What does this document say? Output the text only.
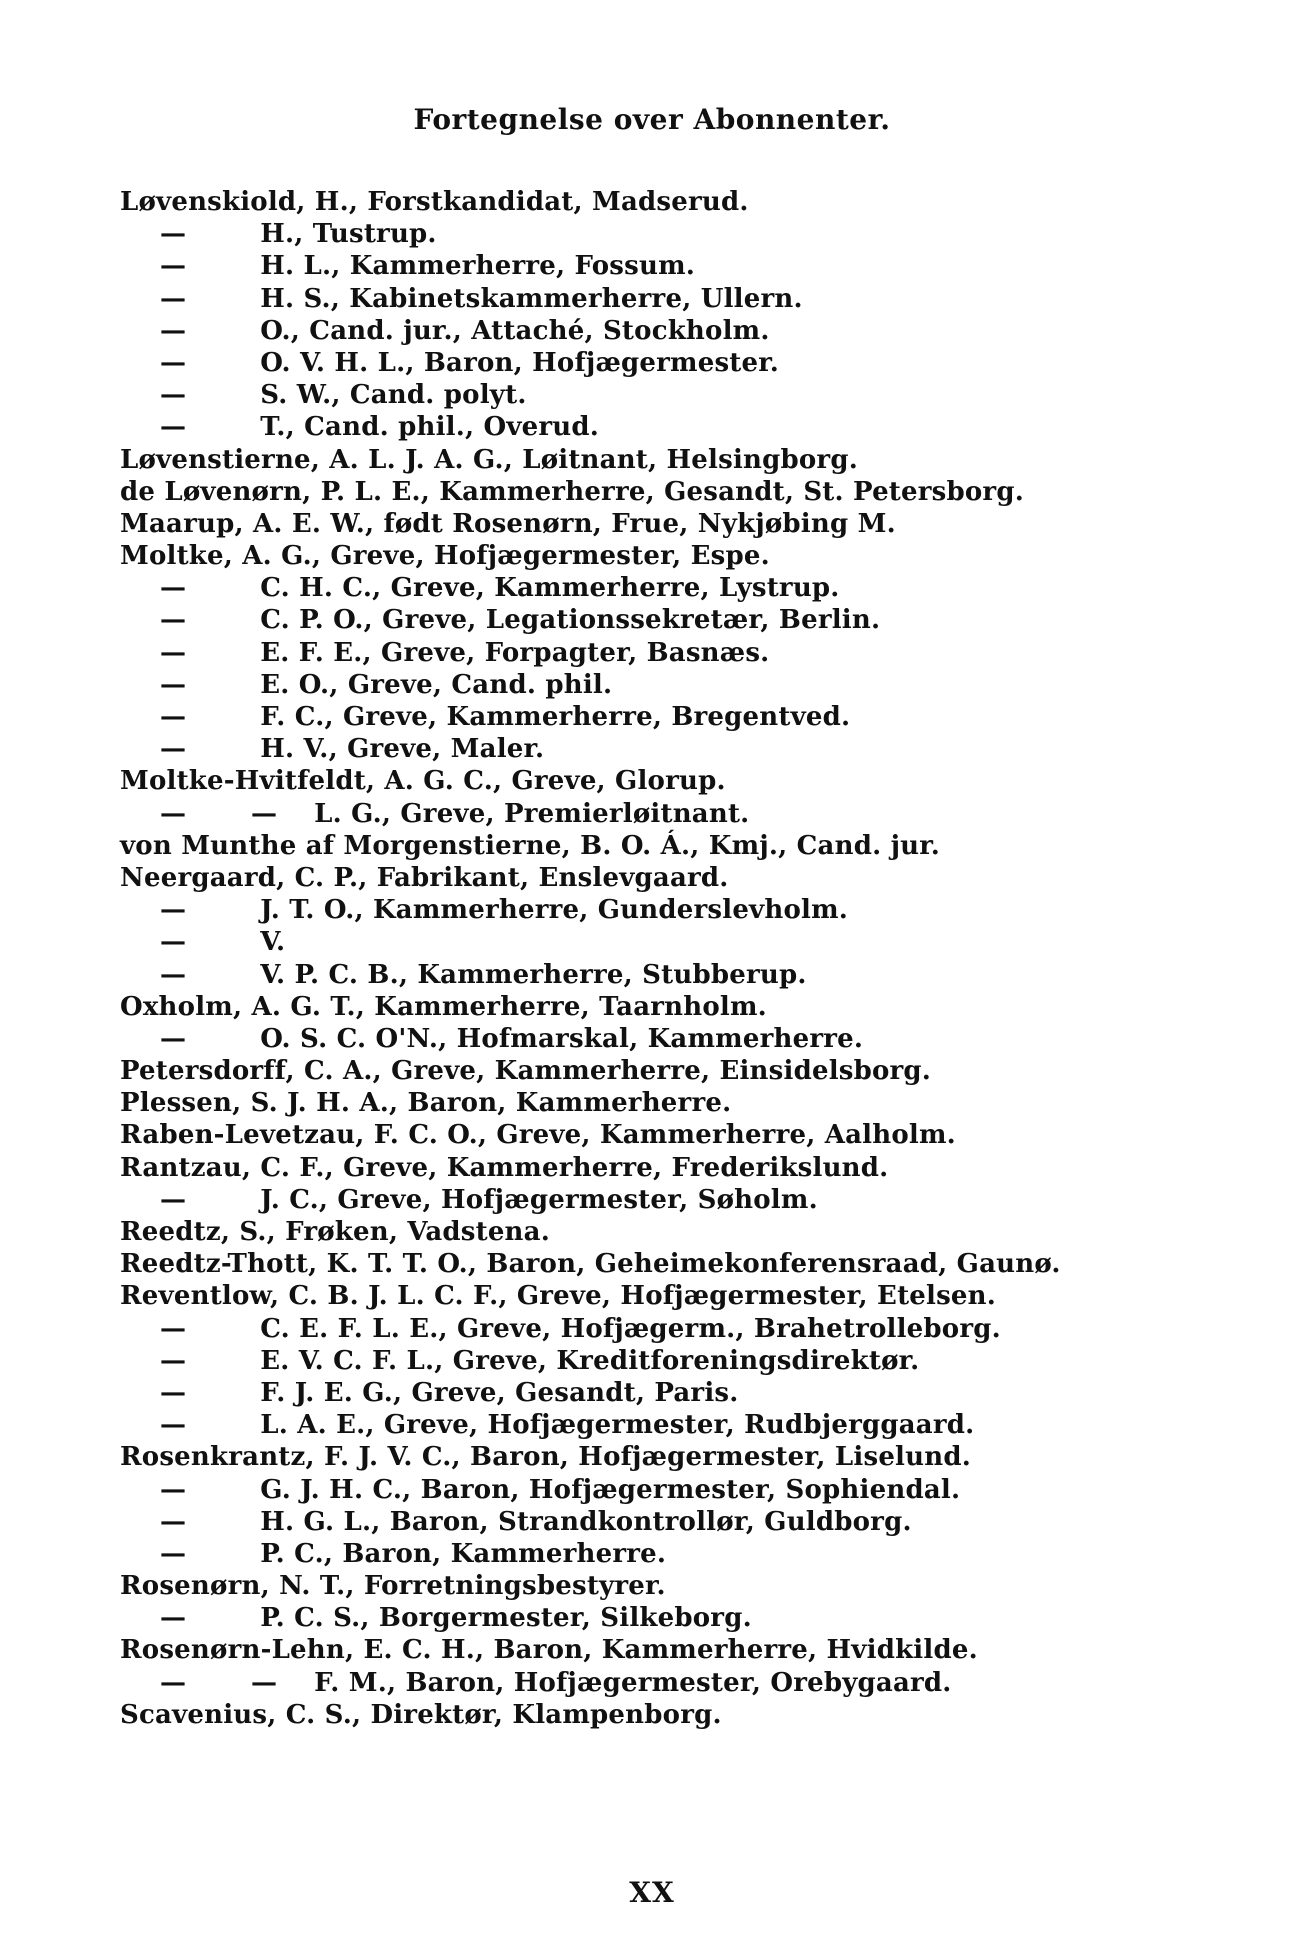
Fortegnelse over Abonnenter.
Løvenskiold, H., Forstkandidat, Madserud.
—        H., Tustrup.
—        H. L., Kammerherre, Fossum.
—        H. S., Kabinetskammerherre, Ullern.
—        O., Cand. jur., Attaché, Stockholm.
—        O. V. H. L., Baron, Hofjægermester.
—        S. W., Cand. polyt.
—        T., Cand. phil., Overud.
Løvenstierne, A. L. J. A. G., Løitnant, Helsingborg.
de Løvenørn, P. L. E., Kammerherre, Gesandt, St. Petersborg.
Maarup, A. E. W., født Rosenørn, Frue, Nykjøbing M.
Moltke, A. G., Greve, Hofjægermester, Espe.
—        C. H. C., Greve, Kammerherre, Lystrup.
—        C. P. O., Greve, Legationssekretær, Berlin.
—        E. F. E., Greve, Forpagter, Basnæs.
—        E. O., Greve, Cand. phil.
—        F. C., Greve, Kammerherre, Bregentved.
—        H. V., Greve, Maler.
Moltke-Hvitfeldt, A. G. C., Greve, Glorup.
—       —    L. G., Greve, Premierløitnant.
von Munthe af Morgenstierne, B. O. Á., Kmj., Cand. jur.
Neergaard, C. P., Fabrikant, Enslevgaard.
—        J. T. O., Kammerherre, Gunderslevholm.
—        V.
—        V. P. C. B., Kammerherre, Stubberup.
Oxholm, A. G. T., Kammerherre, Taarnholm.
—        O. S. C. O'N., Hofmarskal, Kammerherre.
Petersdorff, C. A., Greve, Kammerherre, Einsidelsborg.
Plessen, S. J. H. A., Baron, Kammerherre.
Raben-Levetzau, F. C. O., Greve, Kammerherre, Aalholm.
Rantzau, C. F., Greve, Kammerherre, Frederikslund.
—        J. C., Greve, Hofjægermester, Søholm.
Reedtz, S., Frøken, Vadstena.
Reedtz-Thott, K. T. T. O., Baron, Geheimekonferensraad, Gaunø.
Reventlow, C. B. J. L. C. F., Greve, Hofjægermester, Etelsen.
—        C. E. F. L. E., Greve, Hofjægerm., Brahetrolleborg.
—        E. V. C. F. L., Greve, Kreditforeningsdirektør.
—        F. J. E. G., Greve, Gesandt, Paris.
—        L. A. E., Greve, Hofjægermester, Rudbjerggaard.
Rosenkrantz, F. J. V. C., Baron, Hofjægermester, Liselund.
—        G. J. H. C., Baron, Hofjægermester, Sophiendal.
—        H. G. L., Baron, Strandkontrollør, Guldborg.
—        P. C., Baron, Kammerherre.
Rosenørn, N. T., Forretningsbestyrer.
—        P. C. S., Borgermester, Silkeborg.
Rosenørn-Lehn, E. C. H., Baron, Kammerherre, Hvidkilde.
—       —    F. M., Baron, Hofjægermester, Orebygaard.
Scavenius, C. S., Direktør, Klampenborg.
XX
